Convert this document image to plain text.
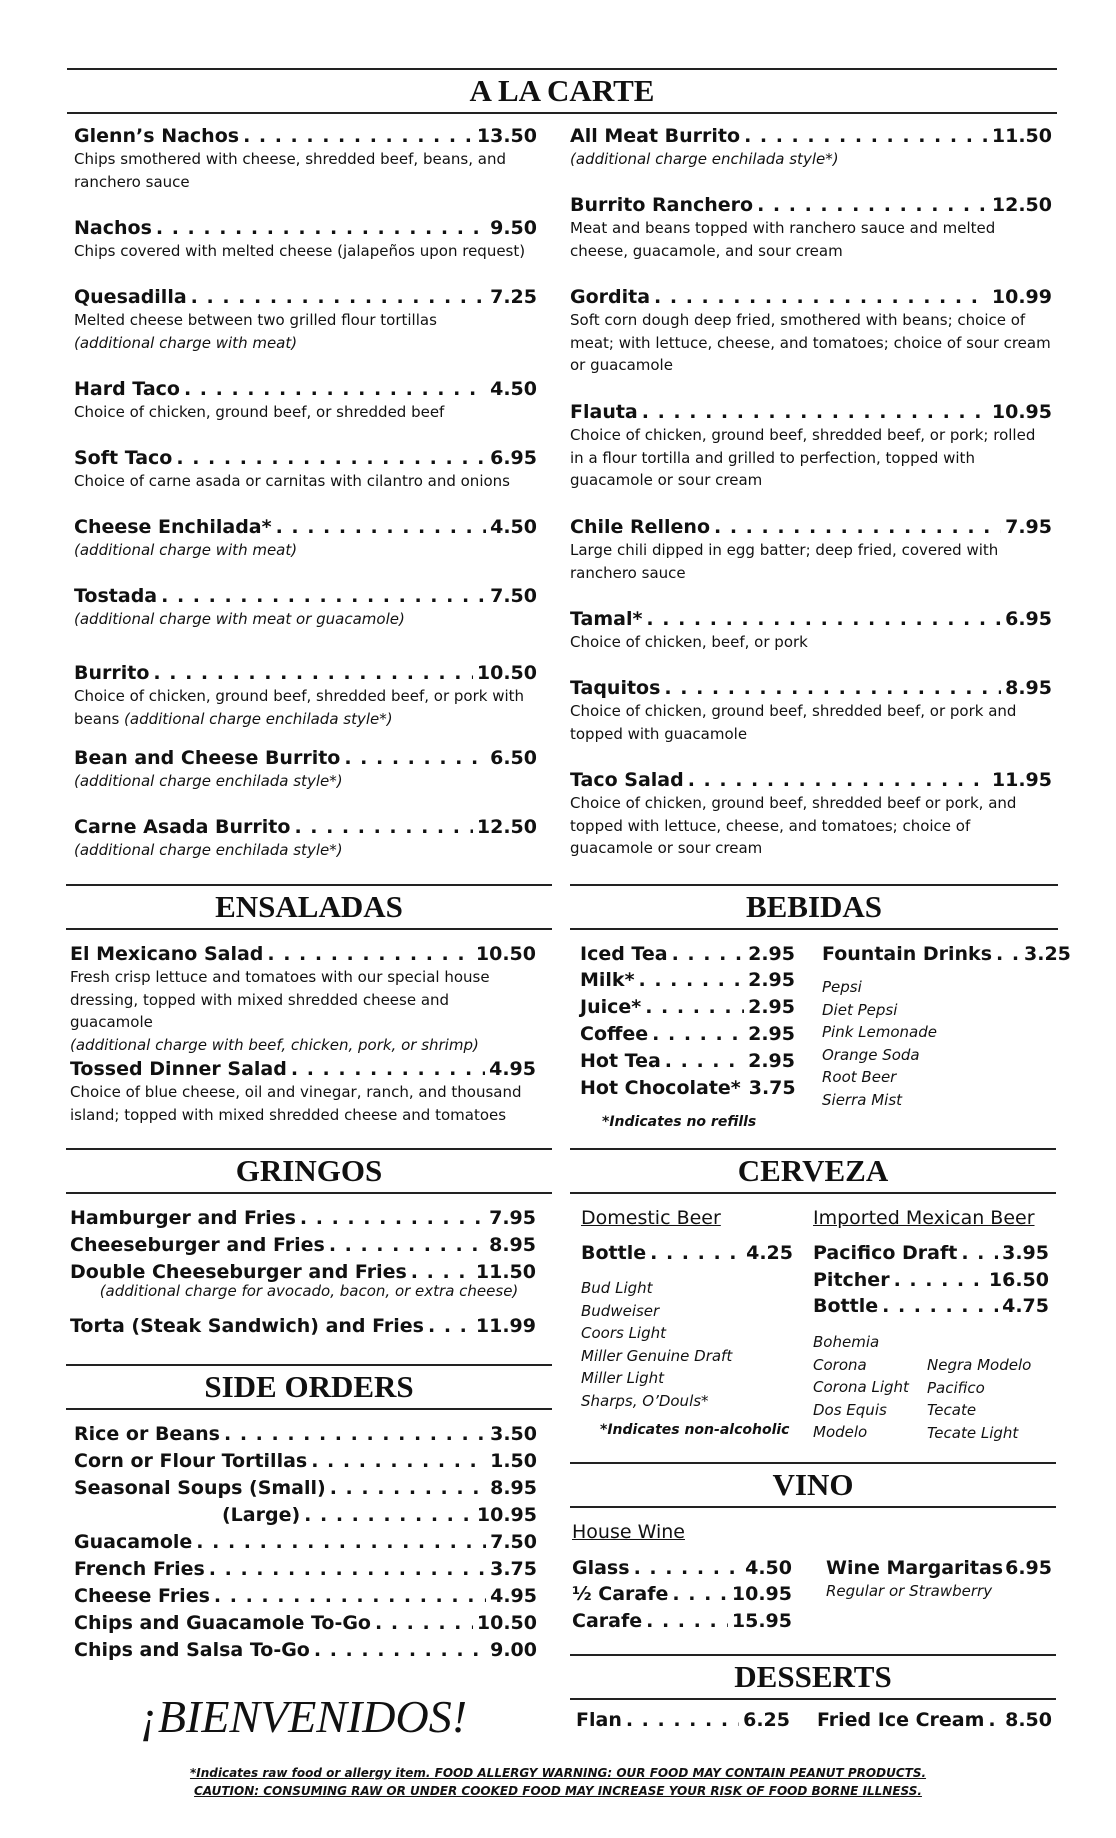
A LA CARTE
ENSALADAS	BEBIDAS
GRINGOS	CERVEZA
SIDE ORDERS
VINO
DESSERTS
Glenn’s Nachos . . .	13.50
Chips smothered with cheese, shredded beef, beans, and ranchero sauce
Nachos . . .	9.50
Chips covered with melted cheese (jalapeños upon request)
Quesadilla . . .	7.25
Melted cheese between two grilled flour tortillas
(additional charge with meat)
Hard Taco . . .	4.50
Choice of chicken, ground beef, or shredded beef
Soft Taco . . .	6.95
Choice of carne asada or carnitas with cilantro and onions
Cheese Enchilada* . . .	4.50
(additional charge with meat)
Tostada . . .	7.50
(additional charge with meat or guacamole)
Burrito . . .	10.50
Choice of chicken, ground beef, shredded beef, or pork with beans (additional charge enchilada style*)
Bean and Cheese Burrito . . .	6.50
(additional charge enchilada style*)
Carne Asada Burrito . . .	12.50
(additional charge enchilada style*)
All Meat Burrito . . .	11.50
(additional charge enchilada style*)
Burrito Ranchero . . .	12.50
Meat and beans topped with ranchero sauce and melted cheese, guacamole, and sour cream
Gordita . . .	10.99
Soft corn dough deep fried, smothered with beans; choice of meat; with lettuce, cheese, and tomatoes; choice of sour cream or guacamole
Flauta . . .	10.95
Choice of chicken, ground beef, shredded beef, or pork; rolled in a flour tortilla and grilled to perfection, topped with guacamole or sour cream
Chile Relleno . . .	7.95
Large chili dipped in egg batter; deep fried, covered with ranchero sauce
Tamal* . . .	6.95
Choice of chicken, beef, or pork
Taquitos . . .	8.95
Choice of chicken, ground beef, shredded beef, or pork and topped with guacamole
Taco Salad . . .	11.95
Choice of chicken, ground beef, shredded beef or pork, and topped with lettuce, cheese, and tomatoes; choice of guacamole or sour cream
El Mexicano Salad . . .	10.50
Fresh crisp lettuce and tomatoes with our special house dressing, topped with mixed shredded cheese and guacamole
(additional charge with beef, chicken, pork, or shrimp)
Tossed Dinner Salad . . .	4.95
Choice of blue cheese, oil and vinegar, ranch, and thousand island; topped with mixed shredded cheese and tomatoes
Iced Tea . . .	2.95
Milk* . . .	2.95
Juice* . . .	2.95
Coffee . . .	2.95
Hot Tea . . .	2.95
Hot Chocolate* 3.75
Fountain Drinks . . . 3.25
Pepsi
Diet Pepsi
Pink Lemonade
Orange Soda
Root Beer
Sierra Mist
*Indicates no refills
Hamburger and Fries . . .	7.95
Cheeseburger and Fries . . .	8.95
Double Cheeseburger and Fries . . .	11.50
Torta (Steak Sandwich) and Fries . . .	11.99
(additional charge for avocado, bacon, or extra cheese)
Domestic Beer
Bottle . . .	4.25
Bud Light
Budweiser
Coors Light
Miller Genuine Draft
Miller Light
Sharps, O’Douls*
*Indicates non-alcoholic
Imported Mexican Beer
Pacifico Draft . . . 3.95
Pitcher . . .	16.50
Bottle . . .	4.75
Bohemia
Corona
Corona Light
Dos Equis
Modelo
Negra Modelo
Pacifico
Tecate
Tecate Light
Rice or Beans . . .	3.50
Corn or Flour Tortillas . . .	1.50
Seasonal Soups (Small) . . .	8.95
(Large) . . .	10.95
Guacamole . . .	7.50
French Fries . . .	3.75
Cheese Fries . . .	4.95
Chips and Guacamole To-Go . . .	10.50
Chips and Salsa To-Go . . .	9.00
House Wine
Glass . . .	4.50
½ Carafe . . .	10.95
Carafe . . .	15.95
Wine Margaritas 6.95
Regular or Strawberry
Flan . . .	6.25 Fried Ice Cream . . . 8.50
¡BIENVENIDOS!
*Indicates raw food or allergy item. FOOD ALLERGY WARNING: OUR FOOD MAY CONTAIN PEANUT PRODUCTS.
CAUTION: CONSUMING RAW OR UNDER COOKED FOOD MAY INCREASE YOUR RISK OF FOOD BORNE ILLNESS.
